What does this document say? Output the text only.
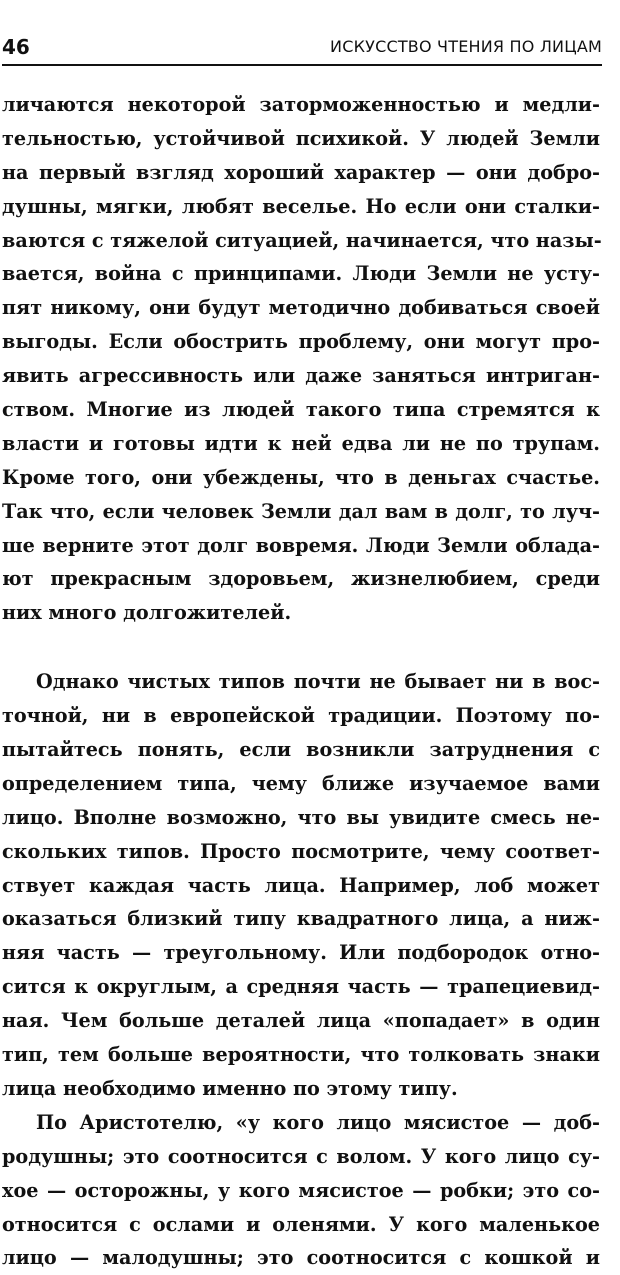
46	ИСКУССТВО ЧТЕНИЯ ПО ЛИЦАМ
личаются некоторой заторможенностью и медли-
тельностью, устойчивой психикой. У людей Земли
на первый взгляд хороший характер — они добро-
душны, мягки, любят веселье. Но если они сталки-
ваются с тяжелой ситуацией, начинается, что назы-
вается, война с принципами. Люди Земли не усту-
пят никому, они будут методично добиваться своей
выгоды. Если обострить проблему, они могут про-
явить агрессивность или даже заняться интриган-
ством. Многие из людей такого типа стремятся к
власти и готовы идти к ней едва ли не по трупам.
Кроме того, они убеждены, что в деньгах счастье.
Так что, если человек Земли дал вам в долг, то луч-
ше верните этот долг вовремя. Люди Земли облада-
ют прекрасным здоровьем, жизнелюбием, среди
них много долгожителей.
Однако чистых типов почти не бывает ни в вос-
точной, ни в европейской традиции. Поэтому по-
пытайтесь понять, если возникли затруднения с
определением типа, чему ближе изучаемое вами
лицо. Вполне возможно, что вы увидите смесь не-
скольких типов. Просто посмотрите, чему соответ-
ствует каждая часть лица. Например, лоб может
оказаться близкий типу квадратного лица, а ниж-
няя часть — треугольному. Или подбородок отно-
сится к округлым, а средняя часть — трапециевид-
ная. Чем больше деталей лица «попадает» в один
тип, тем больше вероятности, что толковать знаки
лица необходимо именно по этому типу.
По Аристотелю, «у кого лицо мясистое — доб-
родушны; это соотносится с волом. У кого лицо су-
хое — осторожны, у кого мясистое — робки; это со-
относится с ослами и оленями. У кого маленькое
лицо — малодушны; это соотносится с кошкой и
